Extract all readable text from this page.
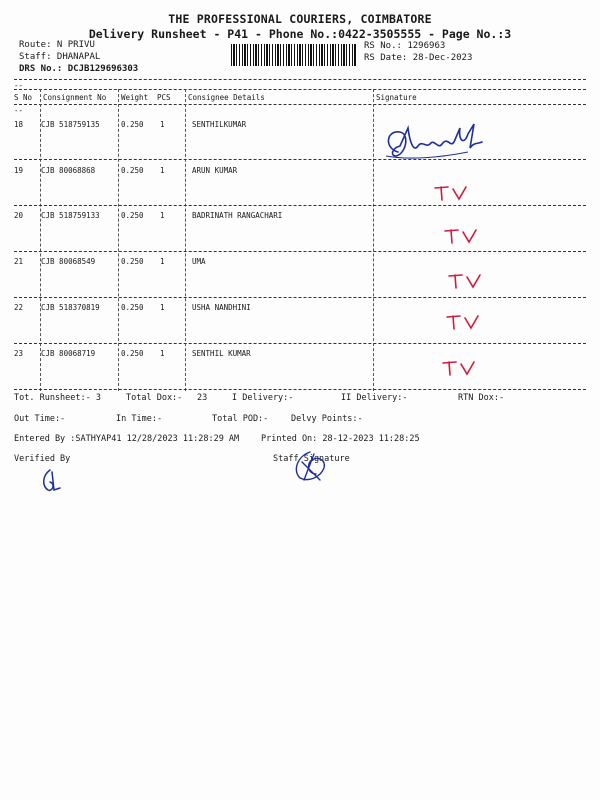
THE PROFESSIONAL COURIERS, COIMBATORE
Delivery Runsheet - P41 - Phone No.:0422-3505555 - Page No.:3
Route: N PRIVU
Staff: DHANAPAL
DRS No.: DCJB129696303
RS No.: 1296963
RS Date: 28-Dec-2023
--
S No Consignment No Weight PCS Consignee Details	Signature
--
18 CJB 518759135	0.250 1	SENTHILKUMAR
19 CJB 80068868	0.250 1	ARUN KUMAR
20 CJB 518759133	0.250 1	BADRINATH RANGACHARI
21 CJB 80068549	0.250 1	UMA
22 CJB 518370819	0.250 1	USHA NANDHINI
23 CJB 80068719	0.250 1	SENTHIL KUMAR
Tot. Runsheet:- 3	Total Dox:- 23	I Delivery:-	II Delivery:-	RTN Dox:-
Out Time:-	In Time:-	Total POD:-	Delvy Points:-
Entered By :SATHYAP41 12/28/2023 11:28:29 AM	Printed On: 28-12-2023 11:28:25
Verified By	Staff Signature
